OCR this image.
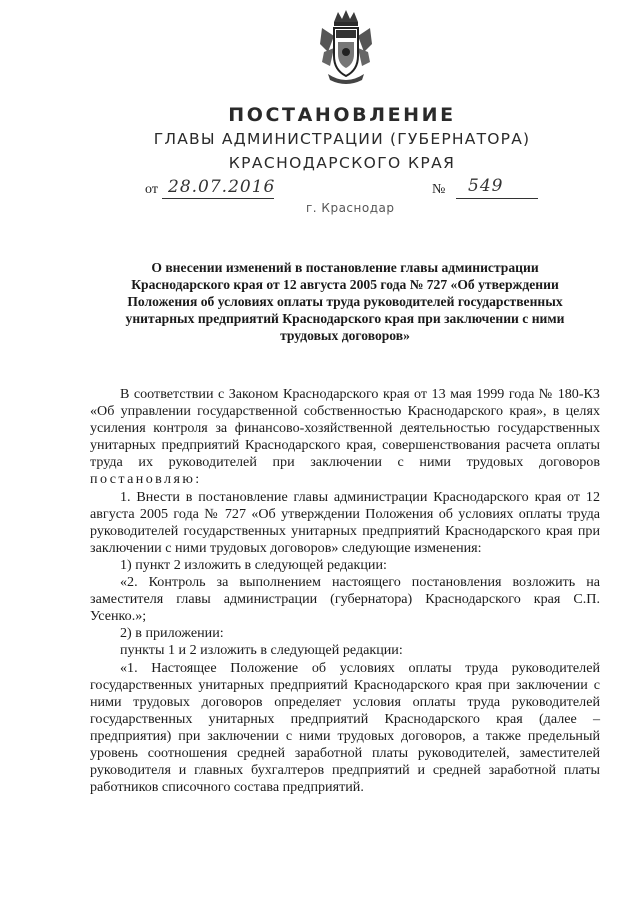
ПОСТАНОВЛЕНИЕ
ГЛАВЫ АДМИНИСТРАЦИИ (ГУБЕРНАТОРА)
КРАСНОДАРСКОГО КРАЯ
от 28.07.2016	№ 549
г. Краснодар
О внесении изменений в постановление главы администрации Краснодарского края от 12 августа 2005 года № 727 «Об утверждении Положения об условиях оплаты труда руководителей государственных унитарных предприятий Краснодарского края при заключении с ними трудовых договоров»

В соответствии с Законом Краснодарского края от 13 мая 1999 года № 180-КЗ «Об управлении государственной собственностью Краснодарского края», в целях усиления контроля за финансово-хозяйственной деятельностью государственных унитарных предприятий Краснодарского края, совершенствования расчета оплаты труда их руководителей при заключении с ними трудовых договоров постановляю:

1. Внести в постановление главы администрации Краснодарского края от 12 августа 2005 года № 727 «Об утверждении Положения об условиях оплаты труда руководителей государственных унитарных предприятий Краснодарского края при заключении с ними трудовых договоров» следующие изменения:

1) пункт 2 изложить в следующей редакции:

«2. Контроль за выполнением настоящего постановления возложить на заместителя главы администрации (губернатора) Краснодарского края С.П. Усенко.»;

2) в приложении:

пункты 1 и 2 изложить в следующей редакции:

«1. Настоящее Положение об условиях оплаты труда руководителей государственных унитарных предприятий Краснодарского края при заключении с ними трудовых договоров определяет условия оплаты труда руководителей государственных унитарных предприятий Краснодарского края (далее – предприятия) при заключении с ними трудовых договоров, а также предельный уровень соотношения средней заработной платы руководителей, заместителей руководителя и главных бухгалтеров предприятий и средней заработной платы работников списочного состава предприятий.
